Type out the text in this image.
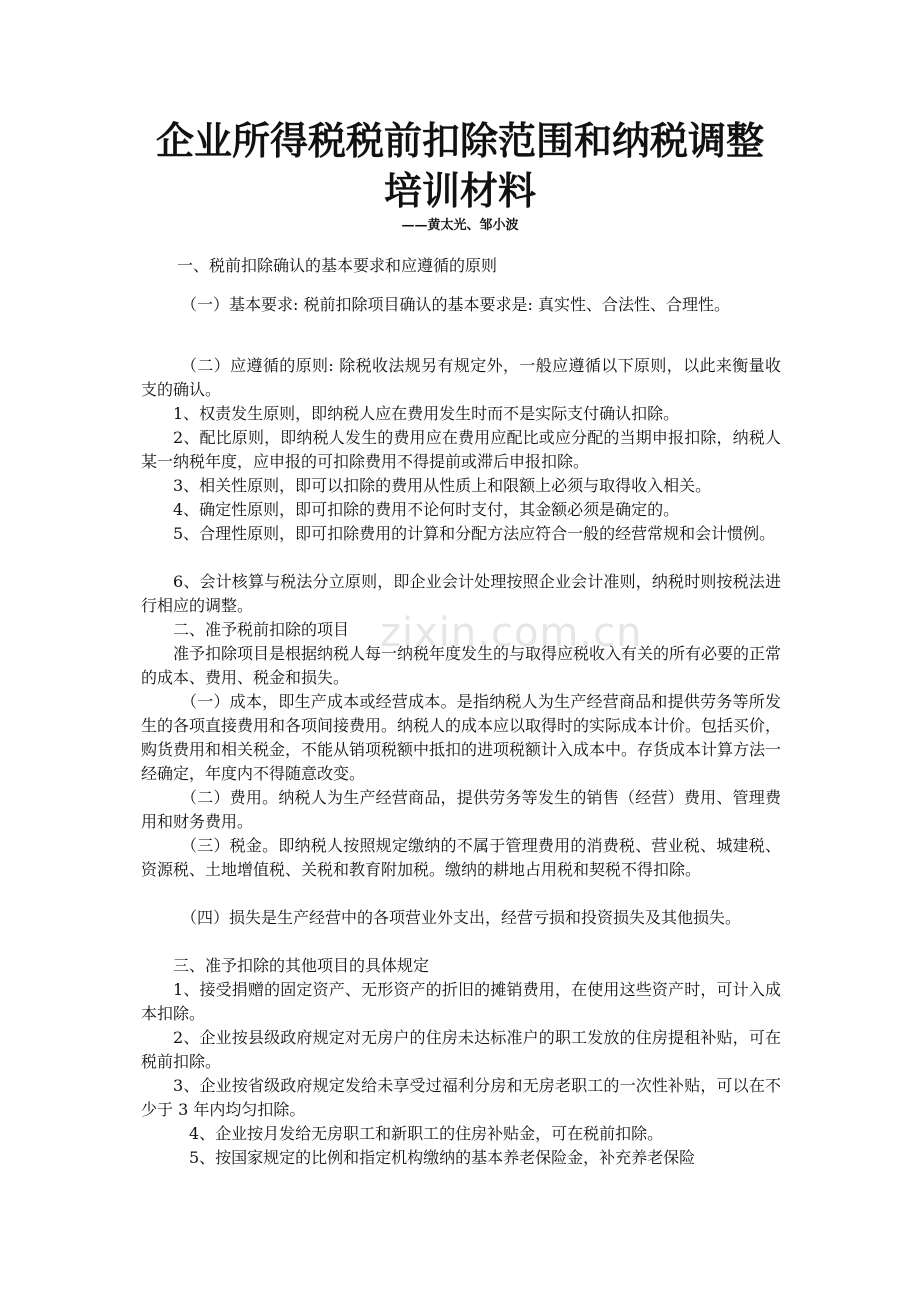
zixin.com.cn
企业所得税税前扣除范围和纳税调整培训材料
——黄太光、邹小波

一、税前扣除确认的基本要求和应遵循的原则

（一）基本要求: 税前扣除项目确认的基本要求是: 真实性、合法性、合理性。

（二）应遵循的原则: 除税收法规另有规定外，一般应遵循以下原则，以此来衡量收支的确认。

1、权责发生原则，即纳税人应在费用发生时而不是实际支付确认扣除。

2、配比原则，即纳税人发生的费用应在费用应配比或应分配的当期申报扣除，纳税人某一纳税年度，应申报的可扣除费用不得提前或滞后申报扣除。

3、相关性原则，即可以扣除的费用从性质上和限额上必须与取得收入相关。

4、确定性原则，即可扣除的费用不论何时支付，其金额必须是确定的。

5、合理性原则，即可扣除费用的计算和分配方法应符合一般的经营常规和会计惯例。

6、会计核算与税法分立原则，即企业会计处理按照企业会计准则，纳税时则按税法进行相应的调整。

二、准予税前扣除的项目

准予扣除项目是根据纳税人每一纳税年度发生的与取得应税收入有关的所有必要的正常的成本、费用、税金和损失。

（一）成本，即生产成本或经营成本。是指纳税人为生产经营商品和提供劳务等所发生的各项直接费用和各项间接费用。纳税人的成本应以取得时的实际成本计价。包括买价，购货费用和相关税金，不能从销项税额中抵扣的进项税额计入成本中。存货成本计算方法一经确定，年度内不得随意改变。

（二）费用。纳税人为生产经营商品，提供劳务等发生的销售（经营）费用、管理费用和财务费用。

（三）税金。即纳税人按照规定缴纳的不属于管理费用的消费税、营业税、城建税、资源税、土地增值税、关税和教育附加税。缴纳的耕地占用税和契税不得扣除。

（四）损失是生产经营中的各项营业外支出，经营亏损和投资损失及其他损失。

三、准予扣除的其他项目的具体规定

1、接受捐赠的固定资产、无形资产的折旧的摊销费用，在使用这些资产时，可计入成本扣除。

2、企业按县级政府规定对无房户的住房未达标准户的职工发放的住房提租补贴，可在税前扣除。

3、企业按省级政府规定发给未享受过福利分房和无房老职工的一次性补贴，可以在不少于 3 年内均匀扣除。

4、企业按月发给无房职工和新职工的住房补贴金，可在税前扣除。

5、按国家规定的比例和指定机构缴纳的基本养老保险金，补充养老保险
